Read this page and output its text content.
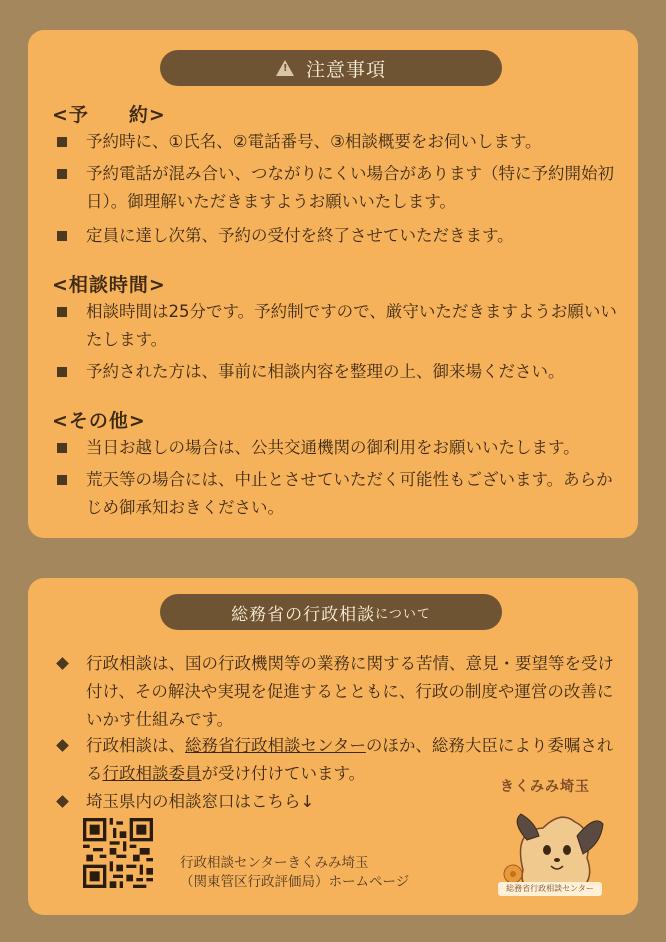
! 注意事項
<予　　約>
予約時に、①氏名、②電話番号、③相談概要をお伺いします。
予約電話が混み合い、つながりにくい場合があります（特に予約開始初日）。御理解いただきますようお願いいたします。
定員に達し次第、予約の受付を終了させていただきます。
<相談時間>
相談時間は25分です。予約制ですので、厳守いただきますようお願いいたします。
予約された方は、事前に相談内容を整理の上、御来場ください。
<その他>
当日お越しの場合は、公共交通機関の御利用をお願いいたします。
荒天等の場合には、中止とさせていただく可能性もございます。あらかじめ御承知おきください。
総務省の行政相談 について
行政相談は、国の行政機関等の業務に関する苦情、意見・要望等を受け付け、その解決や実現を促進するとともに、行政の制度や運営の改善にいかす仕組みです。
行政相談は、総務省行政相談センターのほか、総務大臣により委嘱される行政相談委員が受け付けています。
埼玉県内の相談窓口はこちら↓
行政相談センターきくみみ埼玉
（関東管区行政評価局）ホームページ
きくみみ埼玉
総務省行政相談センター
